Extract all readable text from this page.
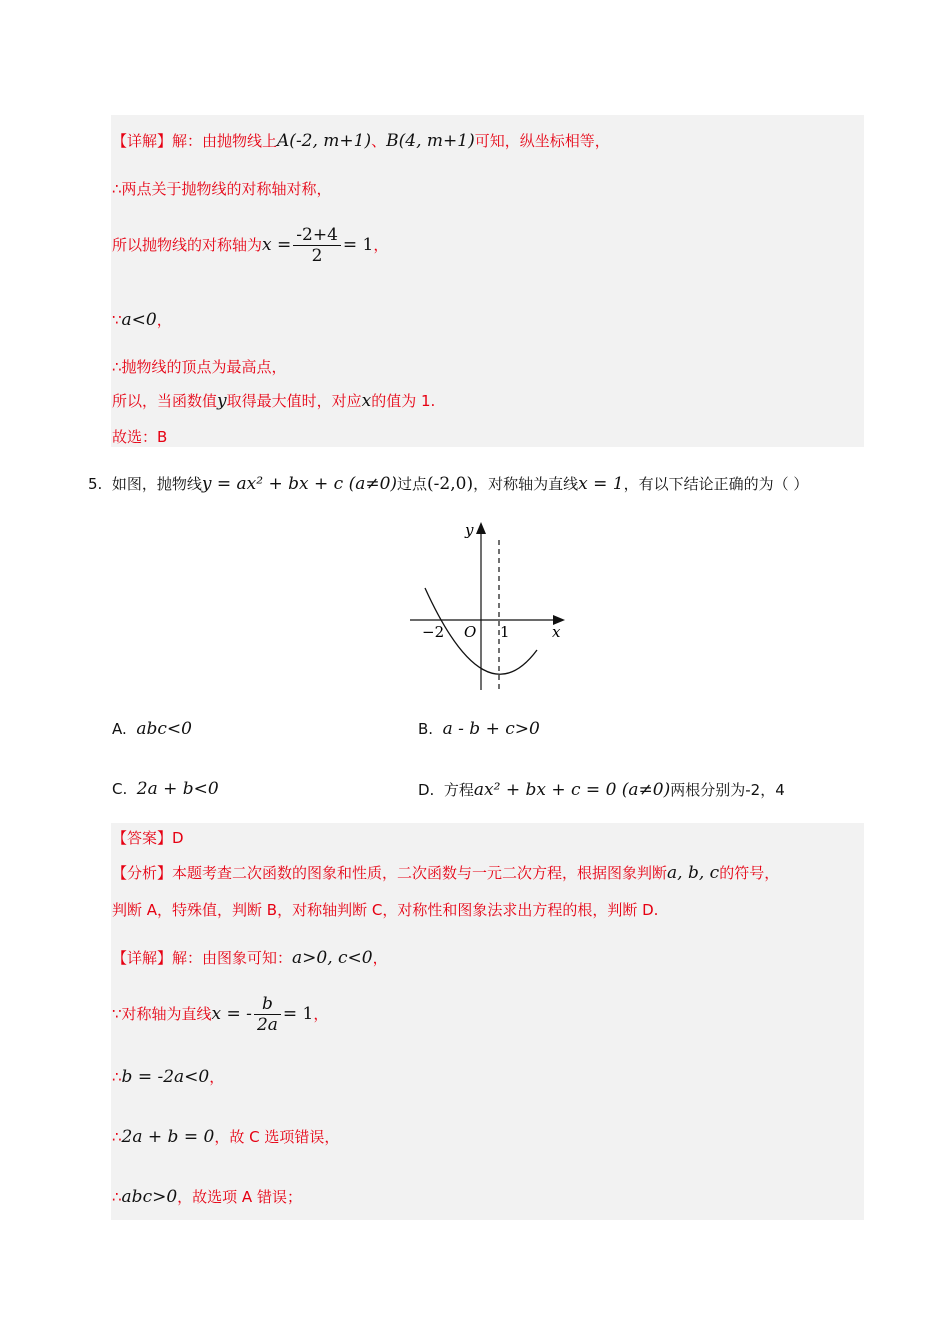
【详解】解：由抛物线上A(-2, m+1)、B(4, m+1)可知，纵坐标相等，
∴两点关于抛物线的对称轴对称，
所以抛物线的对称轴为$x = \frac{-2+4}{2} = 1$，
∵a<0，
∴抛物线的顶点为最高点，
所以，当函数值y取得最大值时，对应x的值为 1.
故选：B
5. 如图，抛物线y = ax² + bx + c (a≠0)过点(-2,0)，对称轴为直线x = 1，有以下结论正确的为（ ）
y
x
O
−2	1
A. abc<0	B. a - b + c>0
C. 2a + b<0	D. 方程ax² + bx + c = 0 (a≠0)两根分别为-2，4
【答案】D
【分析】本题考查二次函数的图象和性质，二次函数与一元二次方程，根据图象判断a, b, c的符号，
判断 A，特殊值，判断 B，对称轴判断 C，对称性和图象法求出方程的根，判断 D.
【详解】解：由图象可知：a>0, c<0，
∵对称轴为直线x = - $\frac{b}{2a} = 1$，
∴b = -2a<0，
∴2a + b = 0，故 C 选项错误，
∴abc>0，故选项 A 错误；
